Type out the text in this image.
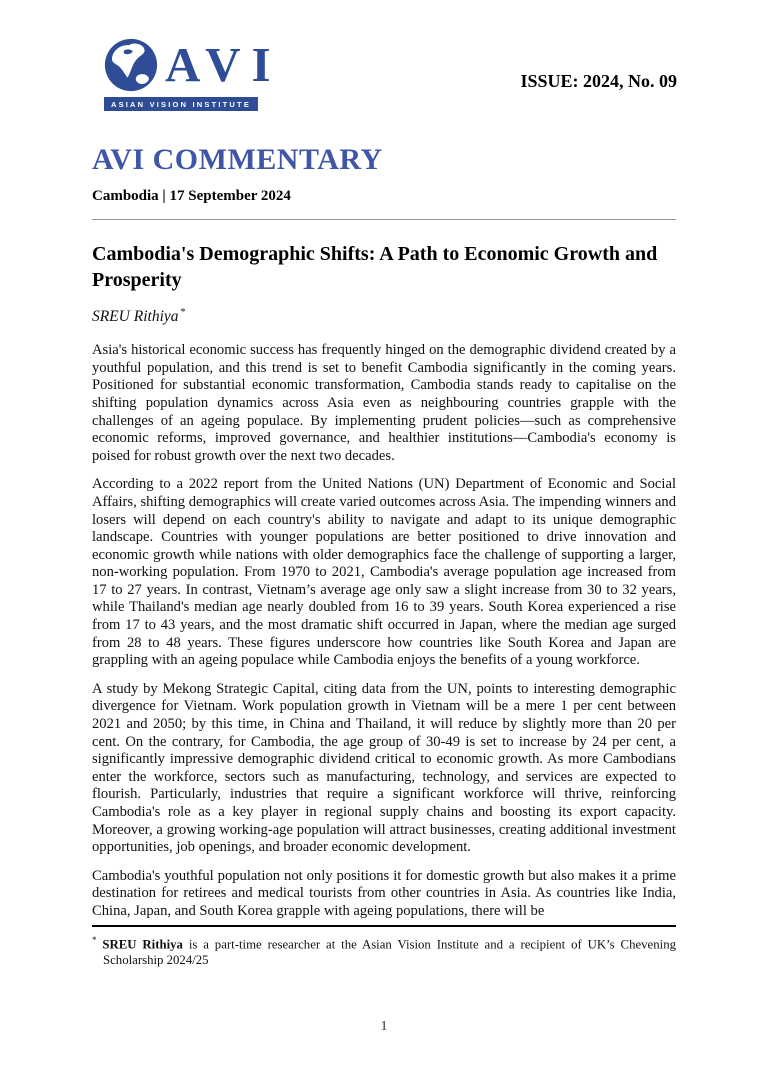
AVI
ASIAN VISION INSTITUTE
ISSUE: 2024, No. 09
AVI COMMENTARY
Cambodia | 17 September 2024
Cambodia's Demographic Shifts: A Path to Economic Growth and Prosperity
SREU Rithiya *

Asia's historical economic success has frequently hinged on the demographic dividend created by a youthful population, and this trend is set to benefit Cambodia significantly in the coming years. Positioned for substantial economic transformation, Cambodia stands ready to capitalise on the shifting population dynamics across Asia even as neighbouring countries grapple with the challenges of an ageing populace. By implementing prudent policies—such as comprehensive economic reforms, improved governance, and healthier institutions—Cambodia's economy is poised for robust growth over the next two decades.

According to a 2022 report from the United Nations (UN) Department of Economic and Social Affairs, shifting demographics will create varied outcomes across Asia. The impending winners and losers will depend on each country's ability to navigate and adapt to its unique demographic landscape. Countries with younger populations are better positioned to drive innovation and economic growth while nations with older demographics face the challenge of supporting a larger, non-working population. From 1970 to 2021, Cambodia's average population age increased from 17 to 27 years. In contrast, Vietnam’s average age only saw a slight increase from 30 to 32 years, while Thailand's median age nearly doubled from 16 to 39 years. South Korea experienced a rise from 17 to 43 years, and the most dramatic shift occurred in Japan, where the median age surged from 28 to 48 years. These figures underscore how countries like South Korea and Japan are grappling with an ageing populace while Cambodia enjoys the benefits of a young workforce.

A study by Mekong Strategic Capital, citing data from the UN, points to interesting demographic divergence for Vietnam. Work population growth in Vietnam will be a mere 1 per cent between 2021 and 2050; by this time, in China and Thailand, it will reduce by slightly more than 20 per cent. On the contrary, for Cambodia, the age group of 30-49 is set to increase by 24 per cent, a significantly impressive demographic dividend critical to economic growth. As more Cambodians enter the workforce, sectors such as manufacturing, technology, and services are expected to flourish. Particularly, industries that require a significant workforce will thrive, reinforcing Cambodia's role as a key player in regional supply chains and boosting its export capacity. Moreover, a growing working-age population will attract businesses, creating additional investment opportunities, job openings, and broader economic development.

Cambodia's youthful population not only positions it for domestic growth but also makes it a prime destination for retirees and medical tourists from other countries in Asia. As countries like India, China, Japan, and South Korea grapple with ageing populations, there will be

* SREU Rithiya is a part-time researcher at the Asian Vision Institute and a recipient of UK’s Chevening Scholarship 2024/25

1
